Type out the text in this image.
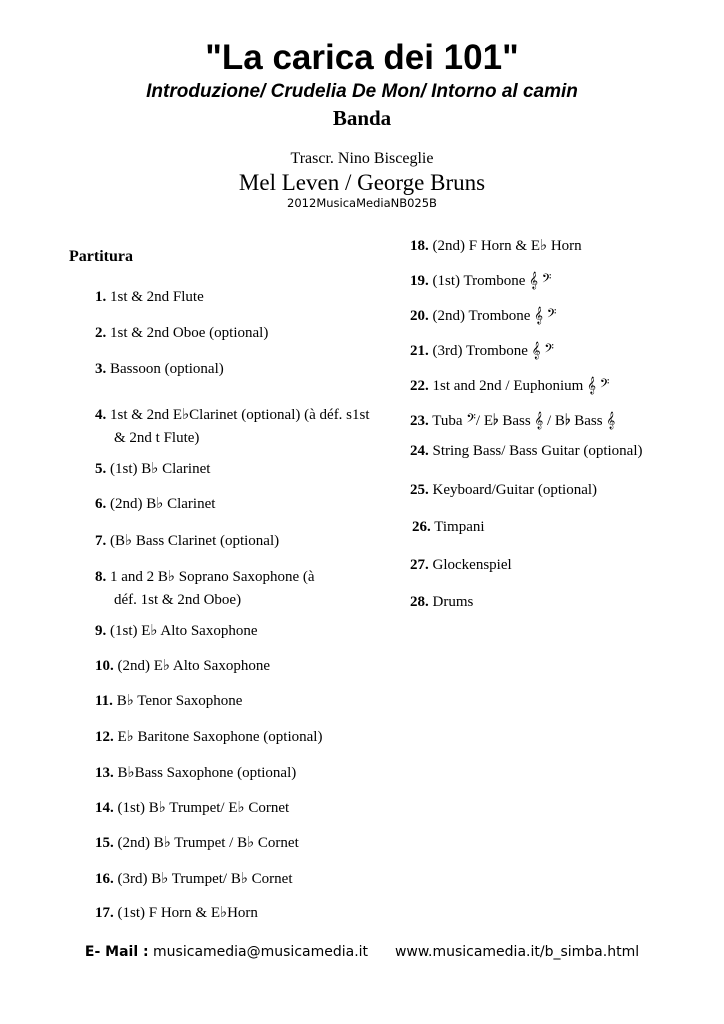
"La carica dei 101"
Introduzione/ Crudelia De Mon/ Intorno al camin
Banda
Trascr. Nino Bisceglie
Mel Leven / George Bruns
2012MusicaMediaNB025B
Partitura
1. 1st & 2nd Flute
2. 1st & 2nd Oboe (optional)
3. Bassoon (optional)
4. 1st & 2nd E♭Clarinet (optional) (à déf. s1st
& 2nd t Flute)
5. (1st) B♭ Clarinet
6. (2nd) B♭ Clarinet
7. (B♭ Bass Clarinet (optional)
8. 1 and 2 B♭ Soprano Saxophone (à
déf. 1st & 2nd Oboe)
9. (1st) E♭ Alto Saxophone
10. (2nd) E♭ Alto Saxophone
11. B♭ Tenor Saxophone
12. E♭ Baritone Saxophone (optional)
13. B♭Bass Saxophone (optional)
14. (1st) B♭ Trumpet/ E♭ Cornet
15. (2nd) B♭ Trumpet / B♭ Cornet
16. (3rd) B♭ Trumpet/ B♭ Cornet
17. (1st) F Horn & E♭Horn
18. (2nd) F Horn & E♭ Horn
19. (1st) Trombone 𝄞 𝄢
20. (2nd) Trombone 𝄞 𝄢
21. (3rd) Trombone 𝄞 𝄢
22. 1st and 2nd / Euphonium 𝄞 𝄢
23. Tuba 𝄢/ E♭ Bass 𝄞 / B♭ Bass 𝄞
24. String Bass/ Bass Guitar (optional)
25. Keyboard/Guitar (optional)
26. Timpani
27. Glockenspiel
28. Drums
E- Mail : musicamedia@musicamedia.it www.musicamedia.it/b_simba.html
